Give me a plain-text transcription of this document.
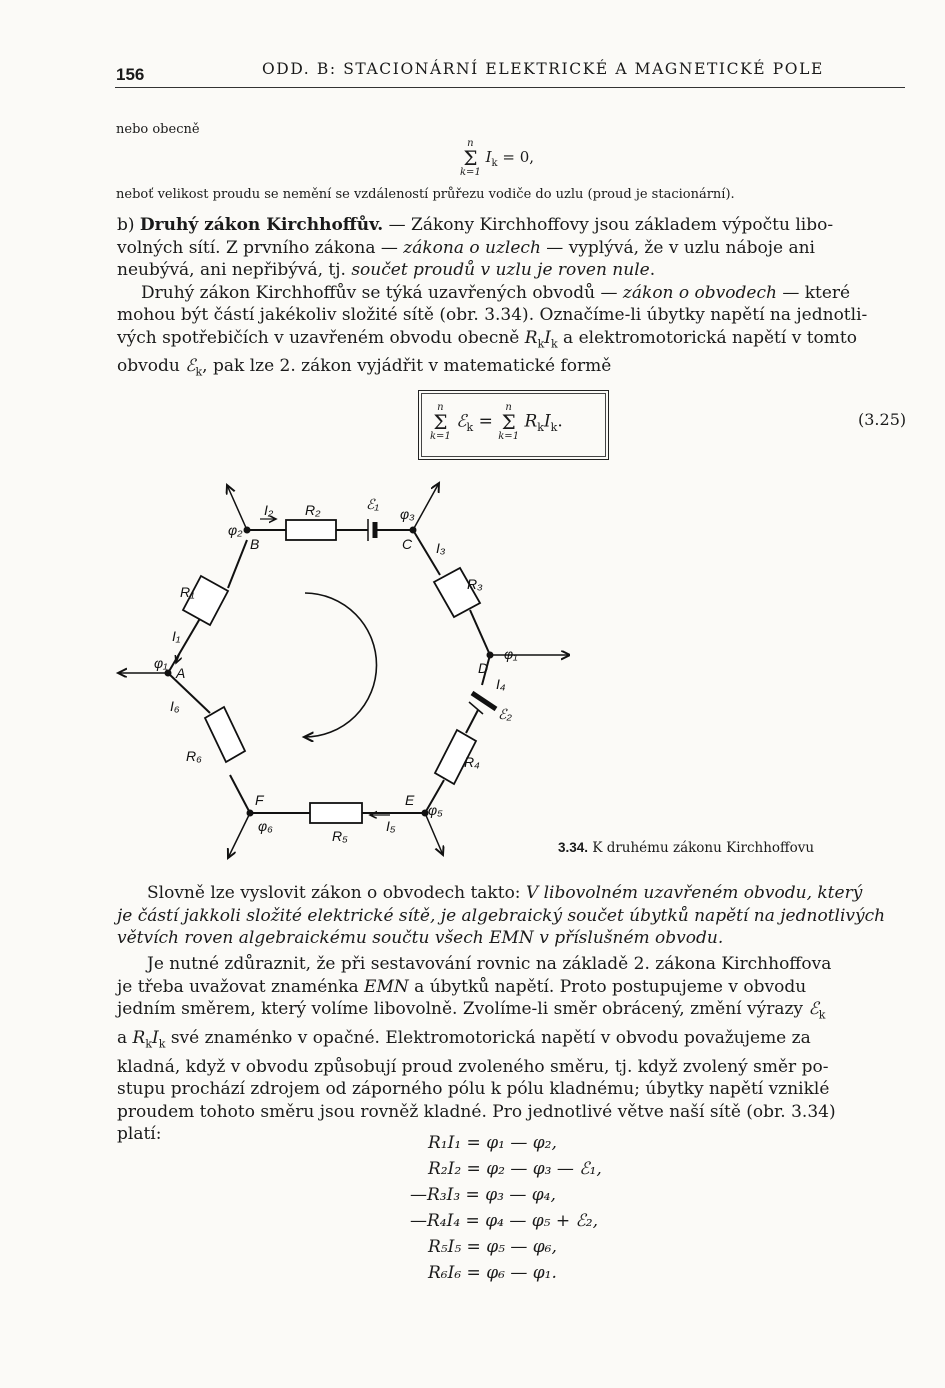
156	ODD. B: STACIONÁRNÍ ELEKTRICKÉ A MAGNETICKÉ POLE
nebo obecně
n
Σ
k=1
$I_k = 0$,
neboť velikost proudu se nemění se vzdáleností průřezu vodiče do uzlu (proud je stacionární).
b) Druhý zákon Kirchhoffův. — Zákony Kirchhoffovy jsou základem výpočtu libo-
volných sítí. Z prvního zákona — zákona o uzlech — vyplývá, že v uzlu náboje ani
neubývá, ani nepřibývá, tj. součet proudů v uzlu je roven nule.
Druhý zákon Kirchhoffův se týká uzavřených obvodů — zákon o obvodech — které
mohou být částí jakékoliv složité sítě (obr. 3.34). Označíme-li úbytky napětí na jednotli-
vých spotřebičích v uzavřeném obvodu obecně $R_kI_k$ a elektromotorická napětí v tomto
obvodu ℰ$_k$, pak lze 2. zákon vyjádřit v matematické formě
n
Σ
k=1
ℰ$_k$ =
n
Σ
k=1
$R_kI_k$.	(3.25)
A
B	C
D
E
F
R₁
R₂
R₃
R₄
R₅
R₆
I₁
I₂
I₃
I₄
I₅
I₆
φ₁
φ₁
φ₂
φ₃
φ₅
φ₆
ℰ₁
ℰ₂
3.34. K druhému zákonu Kirchhoffovu
Slovně lze vyslovit zákon o obvodech takto: V libovolném uzavřeném obvodu, který
je částí jakkoli složité elektrické sítě, je algebraický součet úbytků napětí na jednotlivých
větvích roven algebraickému součtu všech EMN v příslušném obvodu.
Je nutné zdůraznit, že při sestavování rovnic na základě 2. zákona Kirchhoffova
je třeba uvažovat znaménka EMN a úbytků napětí. Proto postupujeme v obvodu
jedním směrem, který volíme libovolně. Zvolíme-li směr obrácený, změní výrazy ℰ$_k$
a $R_kI_k$ své znaménko v opačné. Elektromotorická napětí v obvodu považujeme za
kladná, když v obvodu způsobují proud zvoleného směru, tj. když zvolený směr po-
stupu prochází zdrojem od záporného pólu k pólu kladnému; úbytky napětí vzniklé
proudem tohoto směru jsou rovněž kladné. Pro jednotlivé větve naší sítě (obr. 3.34)
platí:	R₁I₁ = φ₁ — φ₂,
R₂I₂ = φ₂ — φ₃ — ℰ₁,
—R₃I₃ = φ₃ — φ₄,
—R₄I₄ = φ₄ — φ₅ + ℰ₂,
R₅I₅ = φ₅ — φ₆,
R₆I₆ = φ₆ — φ₁.
